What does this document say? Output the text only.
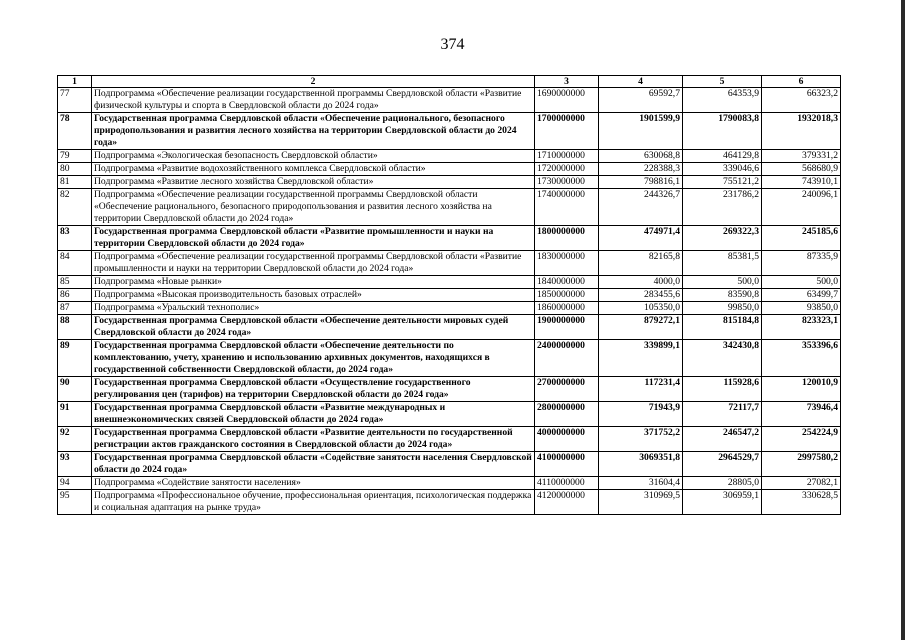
374
1	2	3	4	5	6
77	Подпрограмма «Обеспечение реализации государственной программы Свердловской области «Развитие физической культуры и спорта в Свердловской области до 2024 года»	1690000000	69592,7	64353,9	66323,2
78	Государственная программа Свердловской области «Обеспечение рационального, безопасного природопользования и развития лесного хозяйства на территории Свердловской области до 2024 года»	1700000000	1901599,9	1790083,8	1932018,3
79	Подпрограмма «Экологическая безопасность Свердловской области»	1710000000	630068,8	464129,8	379331,2
80	Подпрограмма «Развитие водохозяйственного комплекса Свердловской области»	1720000000	228388,3	339046,6	568680,9
81	Подпрограмма «Развитие лесного хозяйства Свердловской области»	1730000000	798816,1	755121,2	743910,1
82	Подпрограмма «Обеспечение реализации государственной программы Свердловской области «Обеспечение рационального, безопасного природопользования и развития лесного хозяйства на территории Свердловской области до 2024 года»	1740000000	244326,7	231786,2	240096,1
83	Государственная программа Свердловской области «Развитие промышленности и науки на территории Свердловской области до 2024 года»	1800000000	474971,4	269322,3	245185,6
84	Подпрограмма «Обеспечение реализации государственной программы Свердловской области «Развитие промышленности и науки на территории Свердловской области до 2024 года»	1830000000	82165,8	85381,5	87335,9
85	Подпрограмма «Новые рынки»	1840000000	4000,0	500,0	500,0
86	Подпрограмма «Высокая производительность базовых отраслей»	1850000000	283455,6	83590,8	63499,7
87	Подпрограмма «Уральский технополис»	1860000000	105350,0	99850,0	93850,0
88	Государственная программа Свердловской области «Обеспечение деятельности мировых судей Свердловской области до 2024 года»	1900000000	879272,1	815184,8	823323,1
89	Государственная программа Свердловской области «Обеспечение деятельности по комплектованию, учету, хранению и использованию архивных документов, находящихся в государственной собственности Свердловской области, до 2024 года»	2400000000	339899,1	342430,8	353396,6
90	Государственная программа Свердловской области «Осуществление государственного регулирования цен (тарифов) на территории Свердловской области до 2024 года»	2700000000	117231,4	115928,6	120010,9
91	Государственная программа Свердловской области «Развитие международных и внешнеэкономических связей Свердловской области до 2024 года»	2800000000	71943,9	72117,7	73946,4
92	Государственная программа Свердловской области «Развитие деятельности по государственной регистрации актов гражданского состояния в Свердловской области до 2024 года»	4000000000	371752,2	246547,2	254224,9
93	Государственная программа Свердловской области «Содействие занятости населения Свердловской области до 2024 года»	4100000000	3069351,8	2964529,7	2997580,2
94	Подпрограмма «Содействие занятости населения»	4110000000	31604,4	28805,0	27082,1
95	Подпрограмма «Профессиональное обучение, профессиональная ориентация, психологическая поддержка и социальная адаптация на рынке труда»	4120000000	310969,5	306959,1	330628,5
